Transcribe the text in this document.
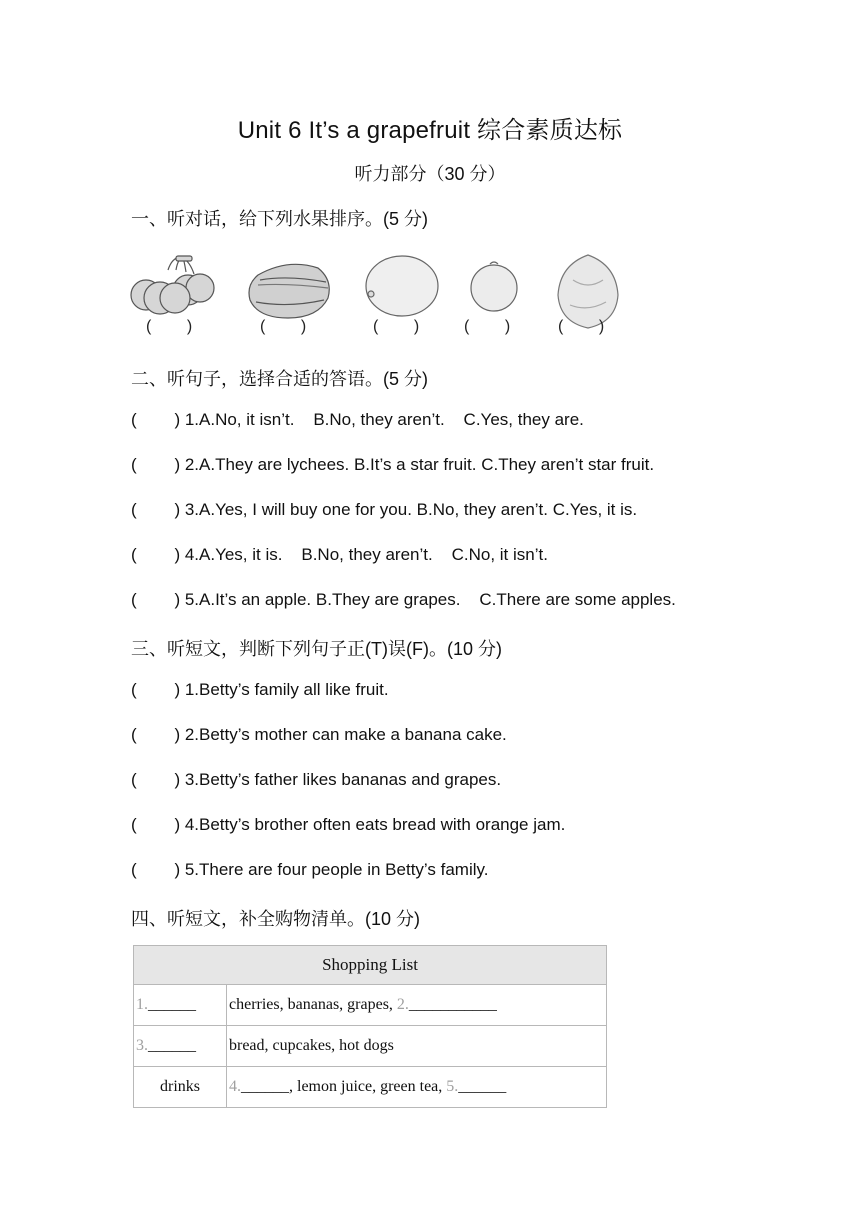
Unit 6 It’s a grapefruit 综合素质达标
听力部分（30 分）
一、听对话，给下列水果排序。(5 分)
(        )	(        )	(        )	(        )	(        )
二、听句子，选择合适的答语。(5 分)
(        ) 1.A.No, it isn’t.    B.No, they aren’t.    C.Yes, they are.
(        ) 2.A.They are lychees. B.It’s a star fruit. C.They aren’t star fruit.
(        ) 3.A.Yes, I will buy one for you. B.No, they aren’t. C.Yes, it is.
(        ) 4.A.Yes, it is.    B.No, they aren’t.    C.No, it isn’t.
(        ) 5.A.It’s an apple. B.They are grapes.    C.There are some apples.
三、听短文，判断下列句子正(T)误(F)。(10 分)
(        ) 1.Betty’s family all like fruit.
(        ) 2.Betty’s mother can make a banana cake.
(        ) 3.Betty’s father likes bananas and grapes.
(        ) 4.Betty’s brother often eats bread with orange jam.
(        ) 5.There are four people in Betty’s family.
四、听短文，补全购物清单。(10 分)
Shopping List	
1.______	cherries, bananas, grapes, 2.___________
3.______	bread, cupcakes, hot dogs
drinks	4.______, lemon juice, green tea, 5.______
